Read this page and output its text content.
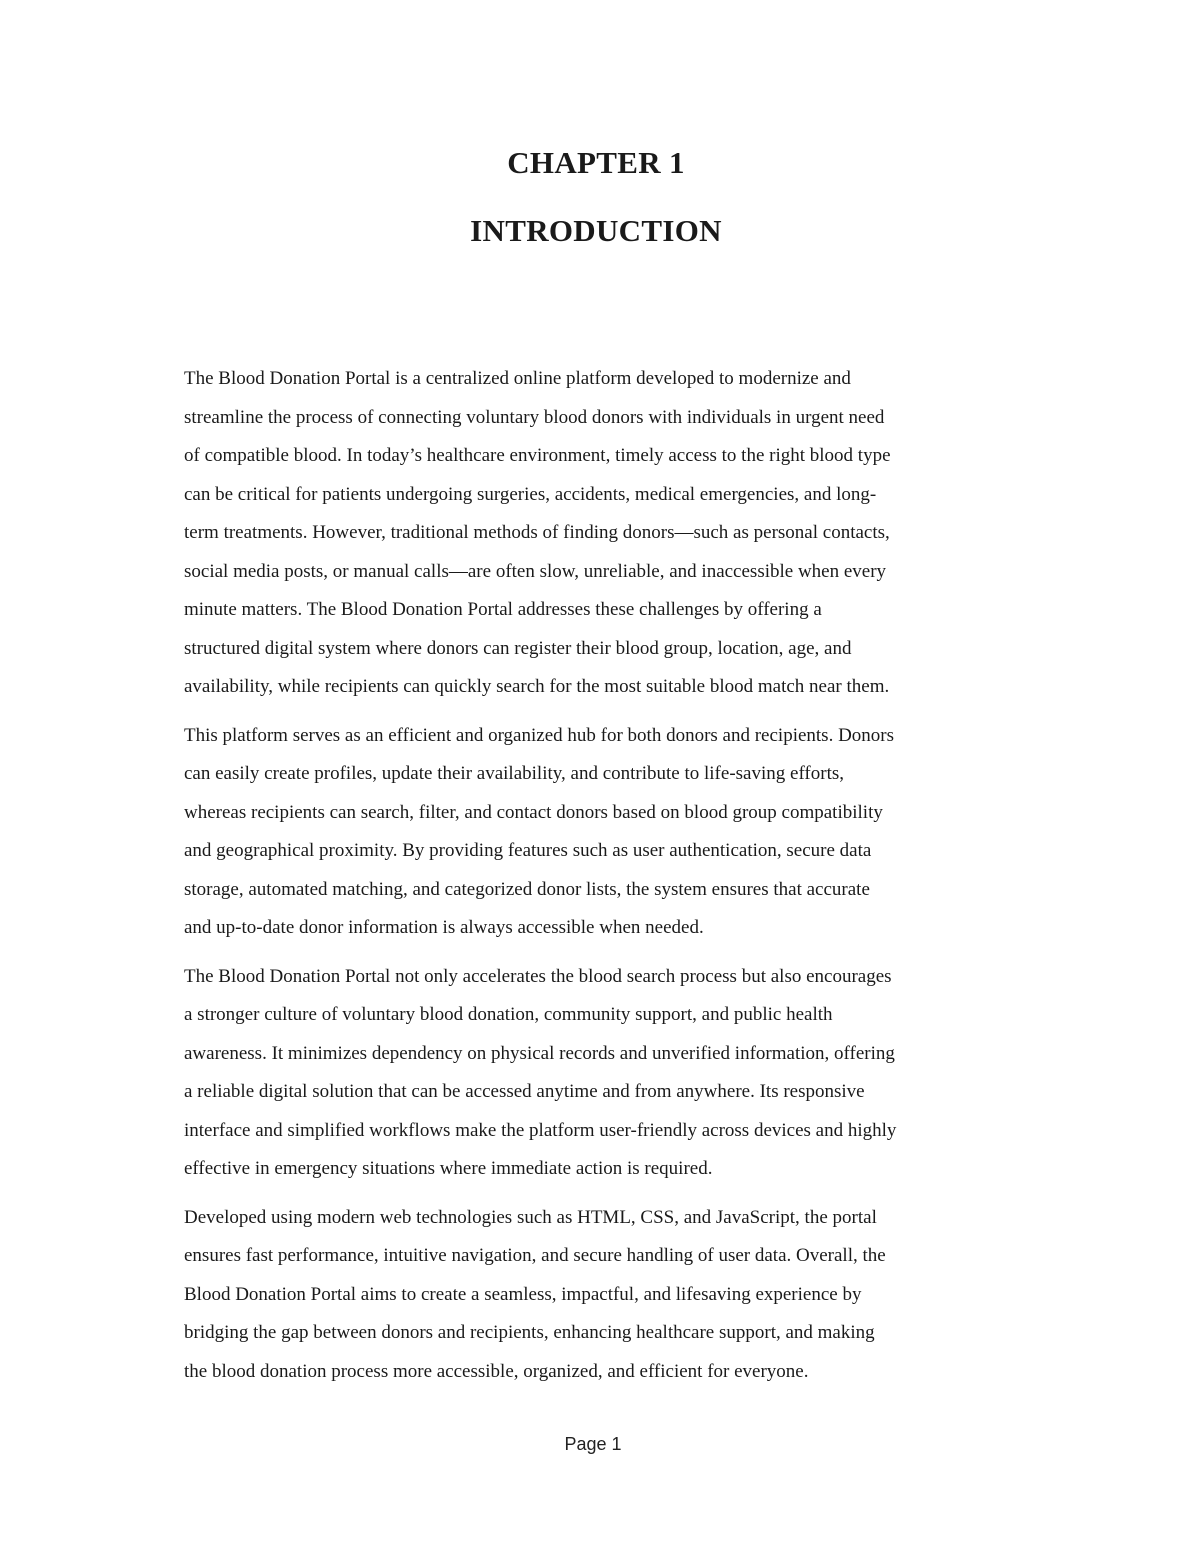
CHAPTER 1
INTRODUCTION

The Blood Donation Portal is a centralized online platform developed to modernize and
streamline the process of connecting voluntary blood donors with individuals in urgent need
of compatible blood. In today’s healthcare environment, timely access to the right blood type
can be critical for patients undergoing surgeries, accidents, medical emergencies, and long-
term treatments. However, traditional methods of finding donors—such as personal contacts,
social media posts, or manual calls—are often slow, unreliable, and inaccessible when every
minute matters. The Blood Donation Portal addresses these challenges by offering a
structured digital system where donors can register their blood group, location, age, and
availability, while recipients can quickly search for the most suitable blood match near them.

This platform serves as an efficient and organized hub for both donors and recipients. Donors
can easily create profiles, update their availability, and contribute to life-saving efforts,
whereas recipients can search, filter, and contact donors based on blood group compatibility
and geographical proximity. By providing features such as user authentication, secure data
storage, automated matching, and categorized donor lists, the system ensures that accurate
and up-to-date donor information is always accessible when needed.

The Blood Donation Portal not only accelerates the blood search process but also encourages
a stronger culture of voluntary blood donation, community support, and public health
awareness. It minimizes dependency on physical records and unverified information, offering
a reliable digital solution that can be accessed anytime and from anywhere. Its responsive
interface and simplified workflows make the platform user-friendly across devices and highly
effective in emergency situations where immediate action is required.

Developed using modern web technologies such as HTML, CSS, and JavaScript, the portal
ensures fast performance, intuitive navigation, and secure handling of user data. Overall, the
Blood Donation Portal aims to create a seamless, impactful, and lifesaving experience by
bridging the gap between donors and recipients, enhancing healthcare support, and making
the blood donation process more accessible, organized, and efficient for everyone.

Page 1
